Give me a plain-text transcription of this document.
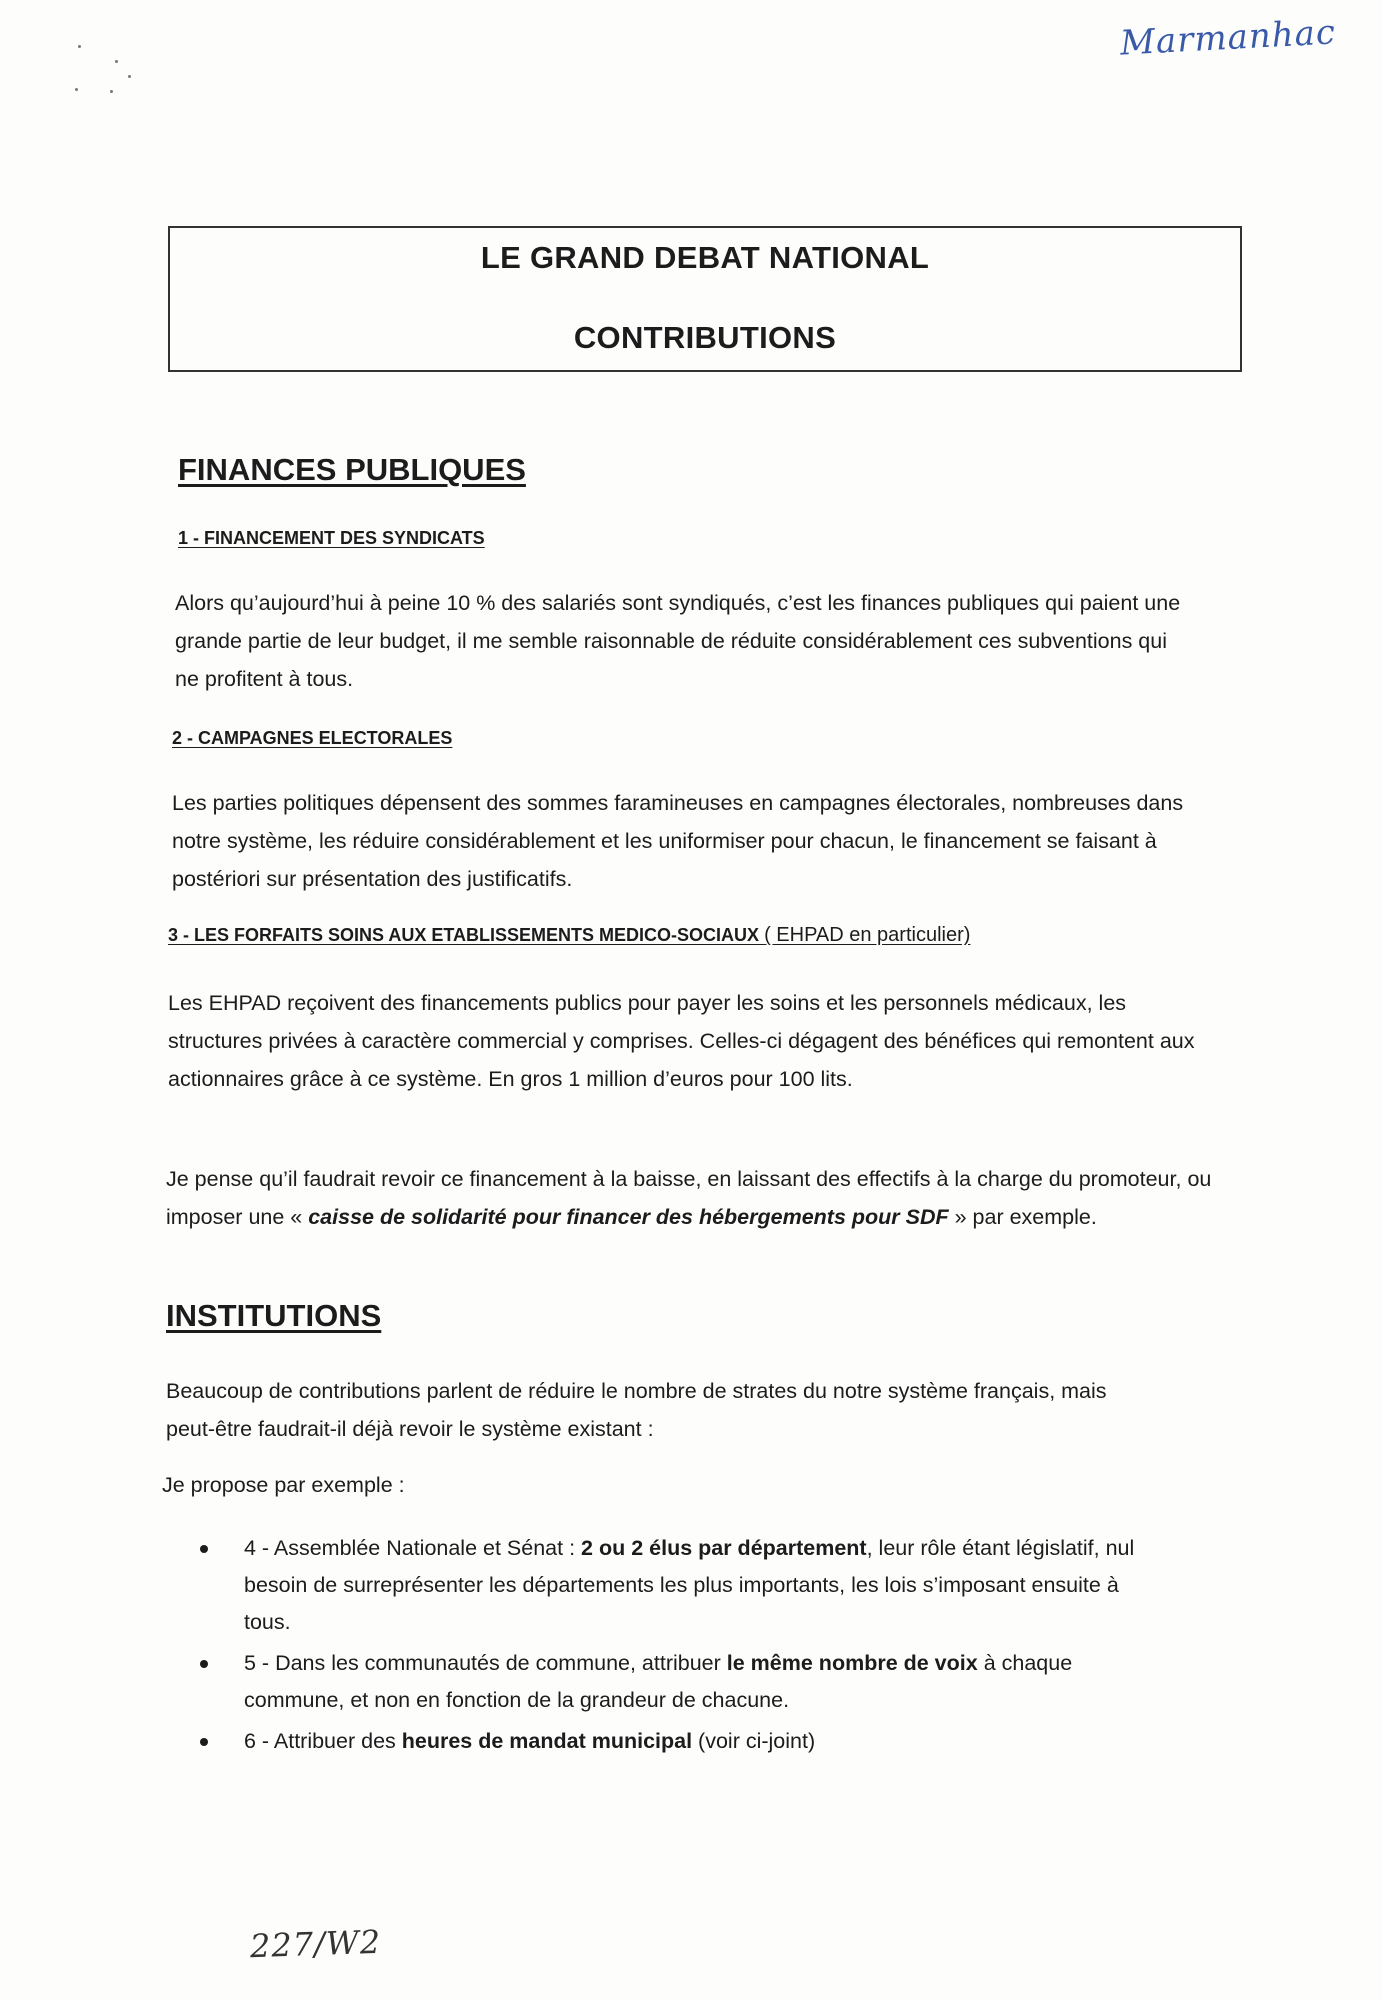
Marmanhac
LE GRAND DEBAT NATIONAL
CONTRIBUTIONS
FINANCES PUBLIQUES
1 - FINANCEMENT DES SYNDICATS
Alors qu’aujourd’hui à peine 10 % des salariés sont syndiqués, c’est les finances publiques qui paient une grande partie de leur budget, il me semble raisonnable de réduite considérablement ces subventions qui ne profitent à tous.
2 - CAMPAGNES ELECTORALES
Les parties politiques dépensent des sommes faramineuses en campagnes électorales, nombreuses dans notre système, les réduire considérablement et les uniformiser pour chacun, le financement se faisant à postériori sur présentation des justificatifs.
3 - LES FORFAITS SOINS AUX ETABLISSEMENTS MEDICO-SOCIAUX ( EHPAD en particulier)
Les EHPAD reçoivent des financements publics pour payer les soins et les personnels médicaux, les structures privées à caractère commercial y comprises. Celles-ci dégagent des bénéfices qui remontent aux actionnaires grâce à ce système. En gros 1 million d’euros pour 100 lits.
Je pense qu’il faudrait revoir ce financement à la baisse, en laissant des effectifs à la charge du promoteur, ou imposer une « caisse de solidarité pour financer des hébergements pour SDF » par exemple.
INSTITUTIONS
Beaucoup de contributions parlent de réduire le nombre de strates du notre système français, mais peut-être faudrait-il déjà revoir le système existant :
Je propose par exemple :
4 - Assemblée Nationale et Sénat : 2 ou 2 élus par département, leur rôle étant législatif, nul besoin de surreprésenter les départements les plus importants, les lois s’imposant ensuite à tous.
5 - Dans les communautés de commune, attribuer le même nombre de voix à chaque commune, et non en fonction de la grandeur de chacune.
6 - Attribuer des heures de mandat municipal (voir ci-joint)
227/W2
